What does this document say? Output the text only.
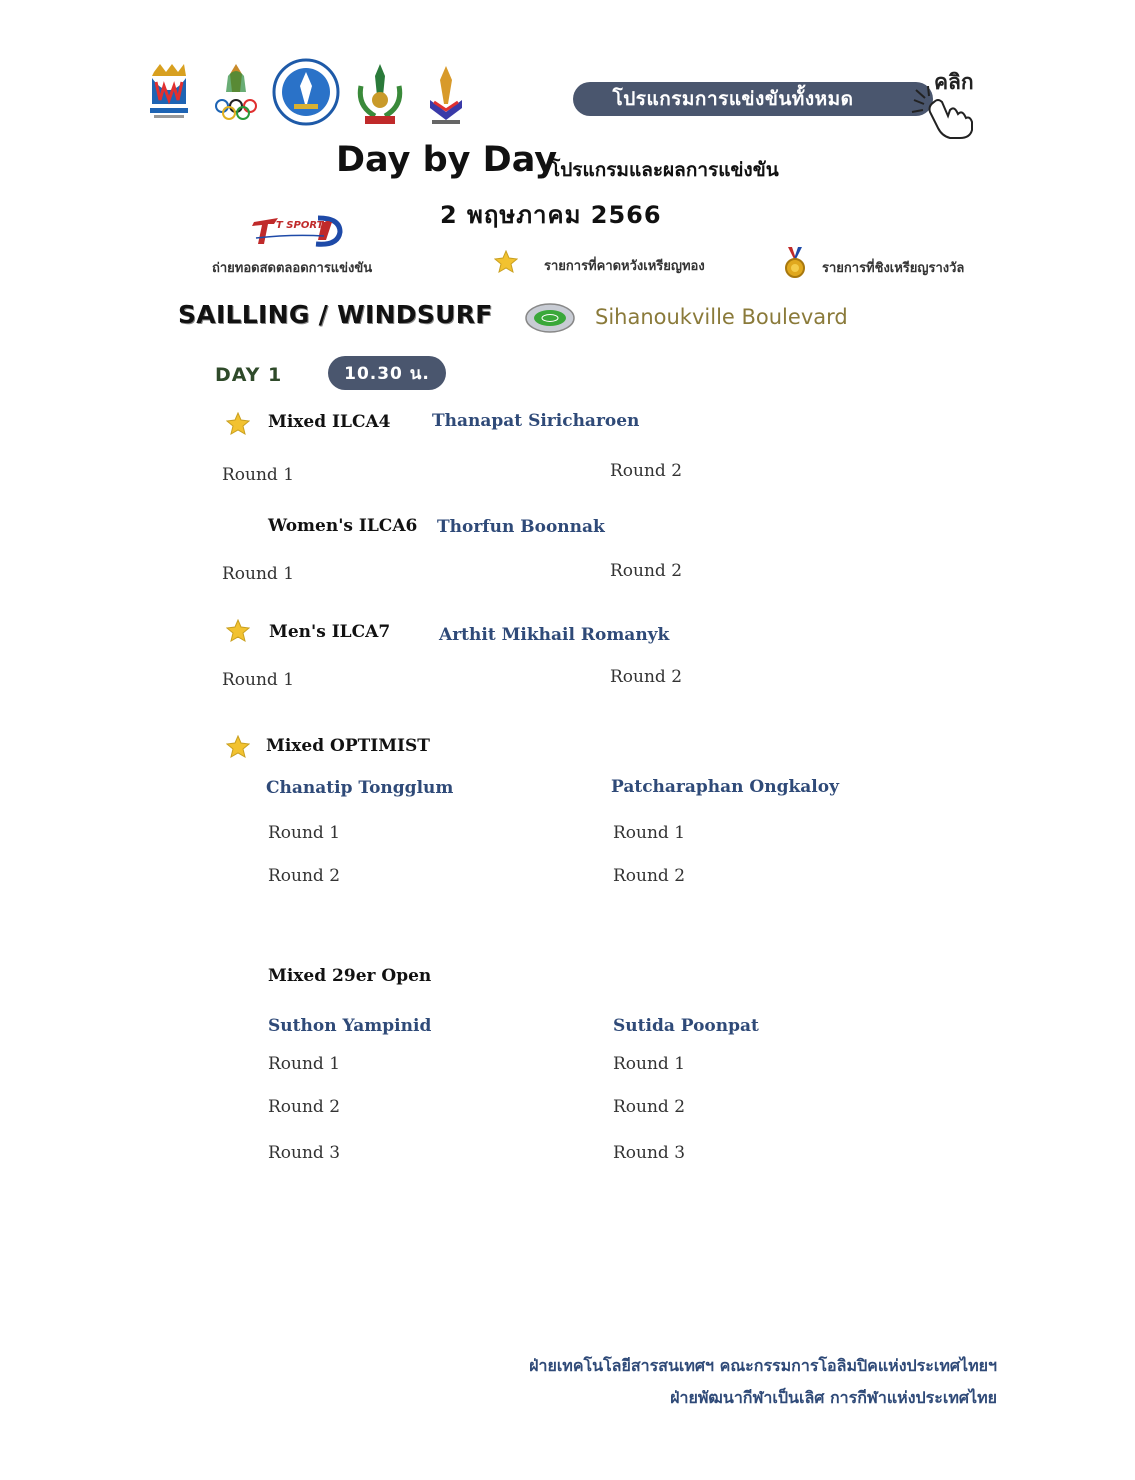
โปรแกรมการแข่งขันทั้งหมด
คลิก
Day by Day
โปรแกรมและผลการแข่งขัน
2 พฤษภาคม 2566
T SPORTS
ถ่ายทอดสดตลอดการแข่งขัน	รายการที่คาดหวังเหรียญทอง	รายการที่ชิงเหรียญรางวัล
SAILLING / WINDSURF	Sihanoukville Boulevard
DAY 1	10.30 น.
Mixed ILCA4 Thanapat Siricharoen
Round 1	Round 2
Women's ILCA6 Thorfun Boonnak
Round 1	Round 2
Men's ILCA7	Arthit Mikhail Romanyk
Round 1	Round 2
Mixed OPTIMIST
Chanatip Tongglum	Patcharaphan Ongkaloy
Round 1	Round 1
Round 2	Round 2
Mixed 29er Open
Suthon Yampinid	Sutida Poonpat
Round 1	Round 1
Round 2	Round 2
Round 3	Round 3
ฝ่ายเทคโนโลยีสารสนเทศฯ คณะกรรมการโอลิมปิคแห่งประเทศไทยฯ
ฝ่ายพัฒนากีฬาเป็นเลิศ การกีฬาแห่งประเทศไทย
